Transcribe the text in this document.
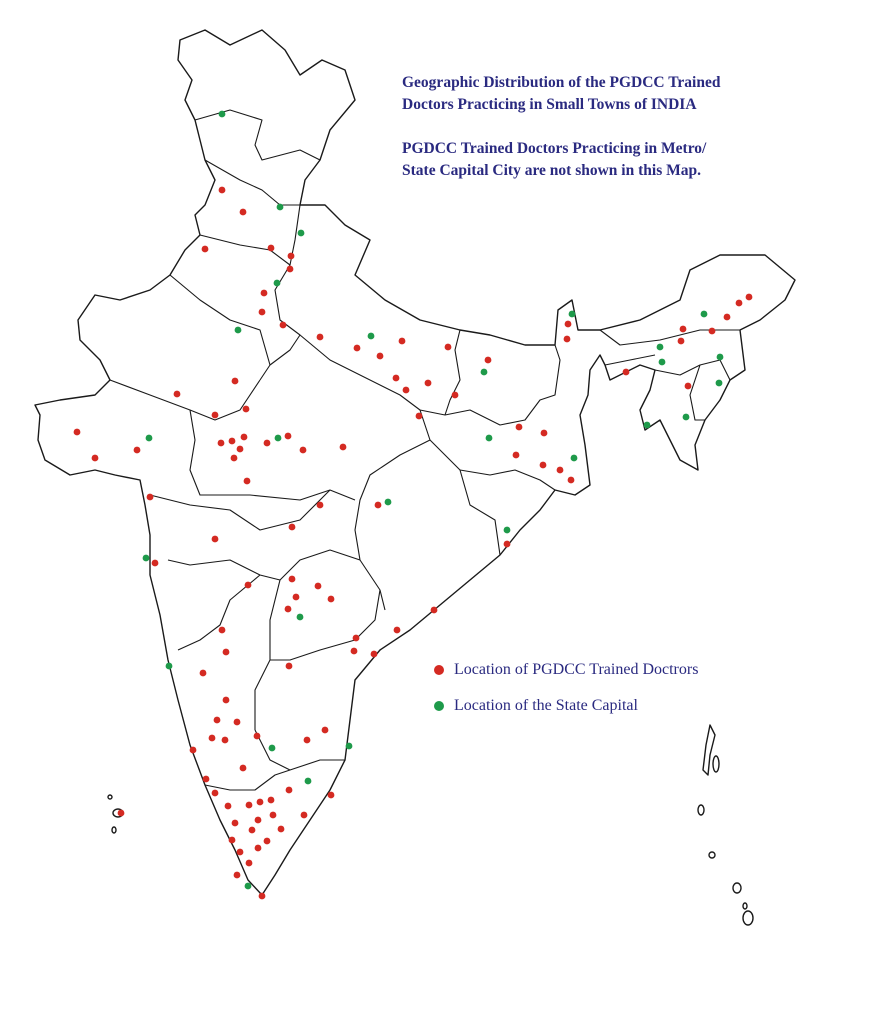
Geographic Distribution of the PGDCC Trained
Doctors Practicing in Small Towns of INDIA

PGDCC Trained Doctors Practicing in Metro/
State Capital City are not shown in this Map.

Location of PGDCC Trained Doctrors
Location of the State Capital
